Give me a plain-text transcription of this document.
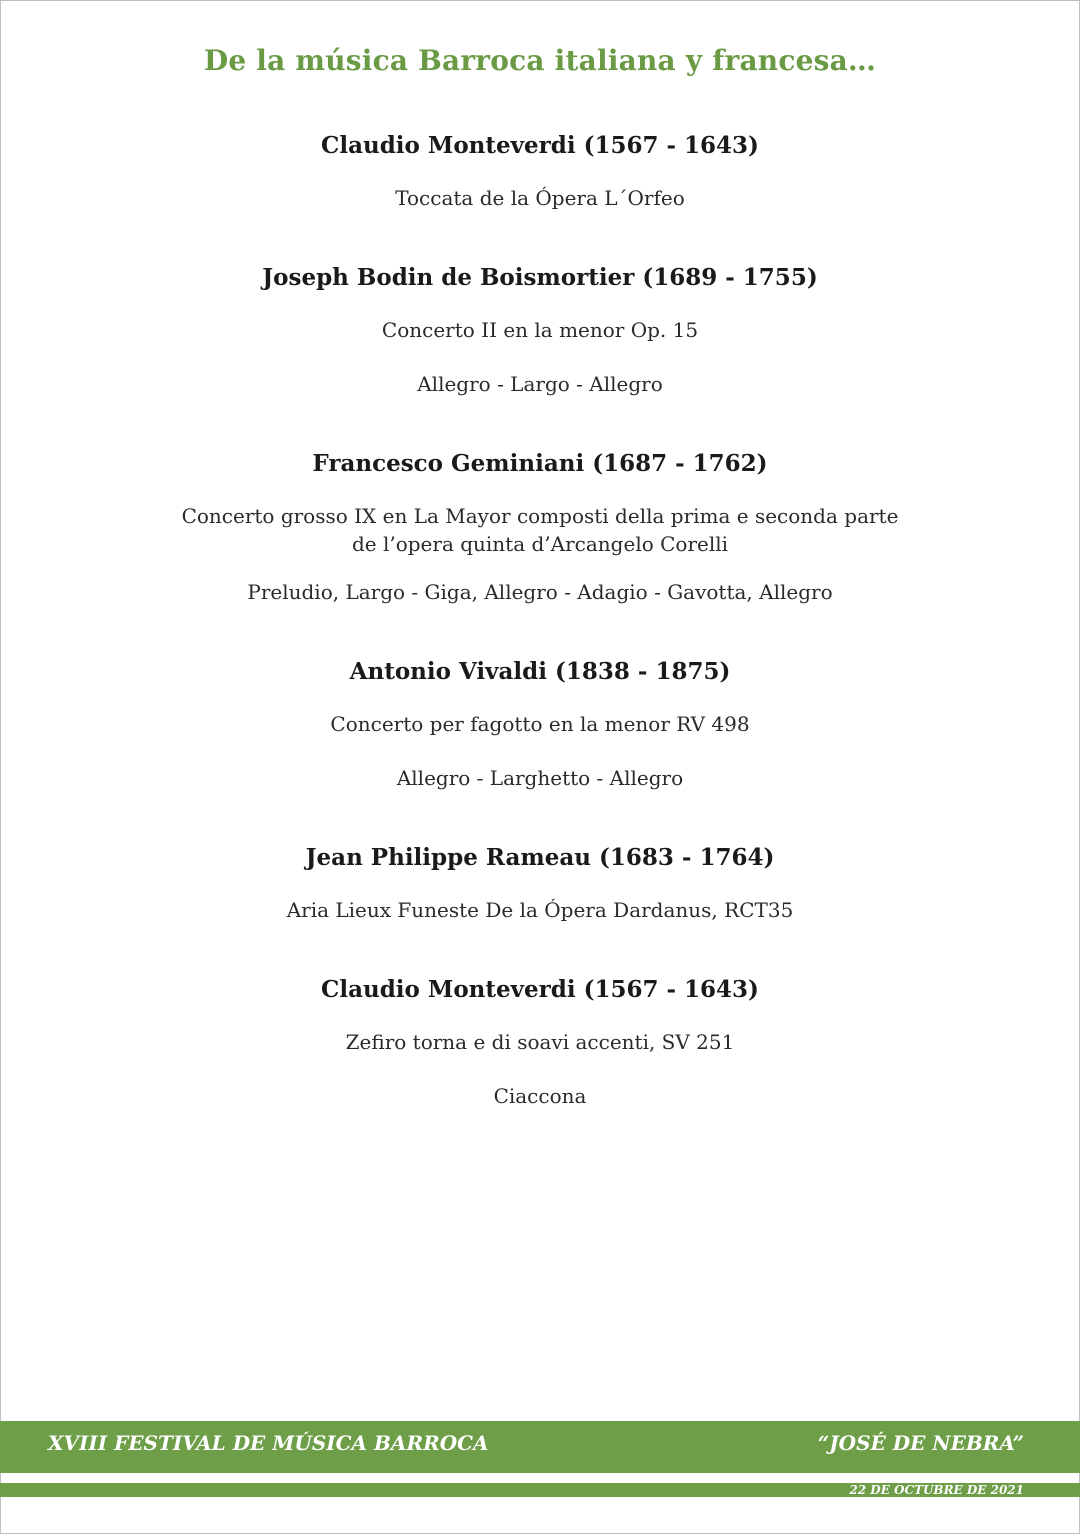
De la música Barroca italiana y francesa…
Claudio Monteverdi (1567 - 1643)
Toccata de la Ópera L´Orfeo
Joseph Bodin de Boismortier (1689 - 1755)
Concerto II en la menor Op. 15
Allegro - Largo - Allegro
Francesco Geminiani (1687 - 1762)
Concerto grosso IX en La Mayor composti della prima e seconda parte de l’opera quinta d’Arcangelo Corelli
Preludio, Largo - Giga, Allegro - Adagio - Gavotta, Allegro
Antonio Vivaldi (1838 - 1875)
Concerto per fagotto en la menor RV 498
Allegro - Larghetto - Allegro
Jean Philippe Rameau (1683 - 1764)
Aria Lieux Funeste De la Ópera Dardanus, RCT35
Claudio Monteverdi (1567 - 1643)
Zefiro torna e di soavi accenti, SV 251
Ciaccona
XVIII FESTIVAL DE MÚSICA BARROCA	“JOSÉ DE NEBRA”
22 DE OCTUBRE DE 2021
